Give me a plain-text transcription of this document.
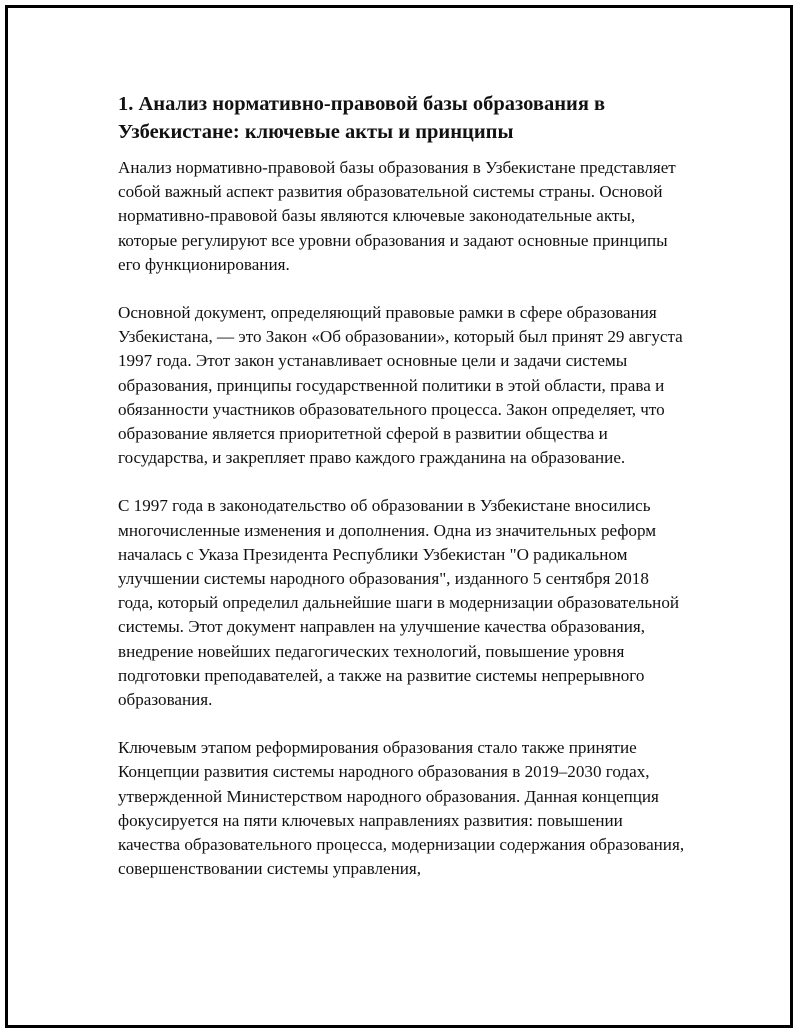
1. Анализ нормативно-правовой базы образования в Узбекистане: ключевые акты и принципы

Анализ нормативно-правовой базы образования в Узбекистане представляет собой важный аспект развития образовательной системы страны. Основой нормативно-правовой базы являются ключевые законодательные акты, которые регулируют все уровни образования и задают основные принципы его функционирования.

Основной документ, определяющий правовые рамки в сфере образования Узбекистана, — это Закон «Об образовании», который был принят 29 августа 1997 года. Этот закон устанавливает основные цели и задачи системы образования, принципы государственной политики в этой области, права и обязанности участников образовательного процесса. Закон определяет, что образование является приоритетной сферой в развитии общества и государства, и закрепляет право каждого гражданина на образование.

С 1997 года в законодательство об образовании в Узбекистане вносились многочисленные изменения и дополнения. Одна из значительных реформ началась с Указа Президента Республики Узбекистан "О радикальном улучшении системы народного образования", изданного 5 сентября 2018 года, который определил дальнейшие шаги в модернизации образовательной системы. Этот документ направлен на улучшение качества образования, внедрение новейших педагогических технологий, повышение уровня подготовки преподавателей, а также на развитие системы непрерывного образования.

Ключевым этапом реформирования образования стало также принятие Концепции развития системы народного образования в 2019–2030 годах, утвержденной Министерством народного образования. Данная концепция фокусируется на пяти ключевых направлениях развития: повышении качества образовательного процесса, модернизации содержания образования, совершенствовании системы управления,
